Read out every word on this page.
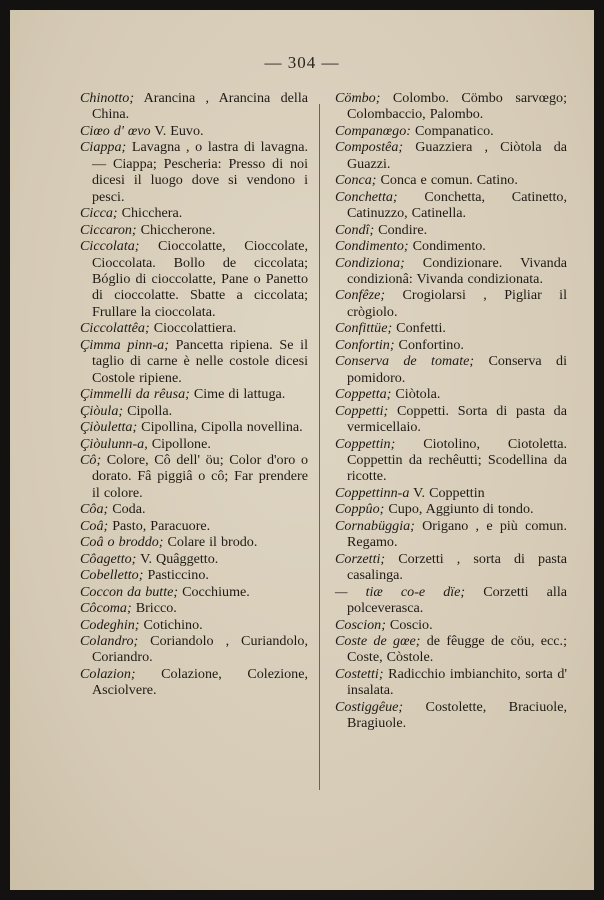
— 304 —

Chinotto; Arancina , Arancina della China.

Ciœo d' œvo V. Euvo.

Ciappa; Lavagna , o lastra di lavagna. — Ciappa; Pescheria: Presso di noi dicesi il luogo dove si vendono i pesci.

Cicca; Chicchera.

Ciccaron; Chiccherone.

Ciccolata; Cioccolatte, Cioccolate, Cioccolata. Bollo de ciccolata; Bóglio di cioccolatte, Pane o Panetto di cioccolatte. Sbatte a ciccolata; Frullare la cioccolata.

Ciccolattêa; Cioccolattiera.

Çimma pinn-a; Pancetta ripiena. Se il taglio di carne è nelle costole dicesi Costole ripiene.

Çimmelli da rêusa; Cime di lattuga.

Çiòula; Cipolla.

Çiòuletta; Cipollina, Cipolla novellina.

Çiòulunn-a, Cipollone.

Cô; Colore, Cô dell' öu; Color d'oro o dorato. Fâ piggiâ o cô; Far prendere il colore.

Côa; Coda.

Coâ; Pasto, Paracuore.

Coâ o broddo; Colare il brodo.

Côagetto; V. Quâggetto.

Cobelletto; Pasticcino.

Coccon da butte; Cocchiume.

Côcoma; Bricco.

Codeghin; Cotichino.

Colandro; Coriandolo , Curiandolo, Coriandro.

Colazion; Colazione, Colezione, Asciolvere.

Cömbo; Colombo. Cömbo sarvœgo; Colombaccio, Palombo.

Companœgo: Companatico.

Compostêa; Guazziera , Ciòtola da Guazzi.

Conca; Conca e comun. Catino.

Conchetta; Conchetta, Catinetto, Catinuzzo, Catinella.

Condî; Condire.

Condimento; Condimento.

Condiziona; Condizionare. Vivanda condizionâ: Vivanda condizionata.

Confêze; Crogiolarsi , Pigliar il crògiolo.

Confittüe; Confetti.

Confortin; Confortino.

Conserva de tomate; Conserva di pomidoro.

Coppetta; Ciòtola.

Coppetti; Coppetti. Sorta di pasta da vermicellaio.

Coppettin; Ciotolino, Ciotoletta. Coppettin da rechêutti; Scodellina da ricotte.

Coppettinn-a V. Coppettin

Coppûo; Cupo, Aggiunto di tondo.

Cornabüggia; Origano , e più comun. Regamo.

Corzetti; Corzetti , sorta di pasta casalinga.

— tiæ co-e dïe; Corzetti alla polceverasca.

Coscion; Coscio.

Coste de gœe; de fêugge de cöu, ecc.; Coste, Còstole.

Costetti; Radicchio imbianchito, sorta d' insalata.

Costiggêue; Costolette, Braciuole, Bragiuole.
